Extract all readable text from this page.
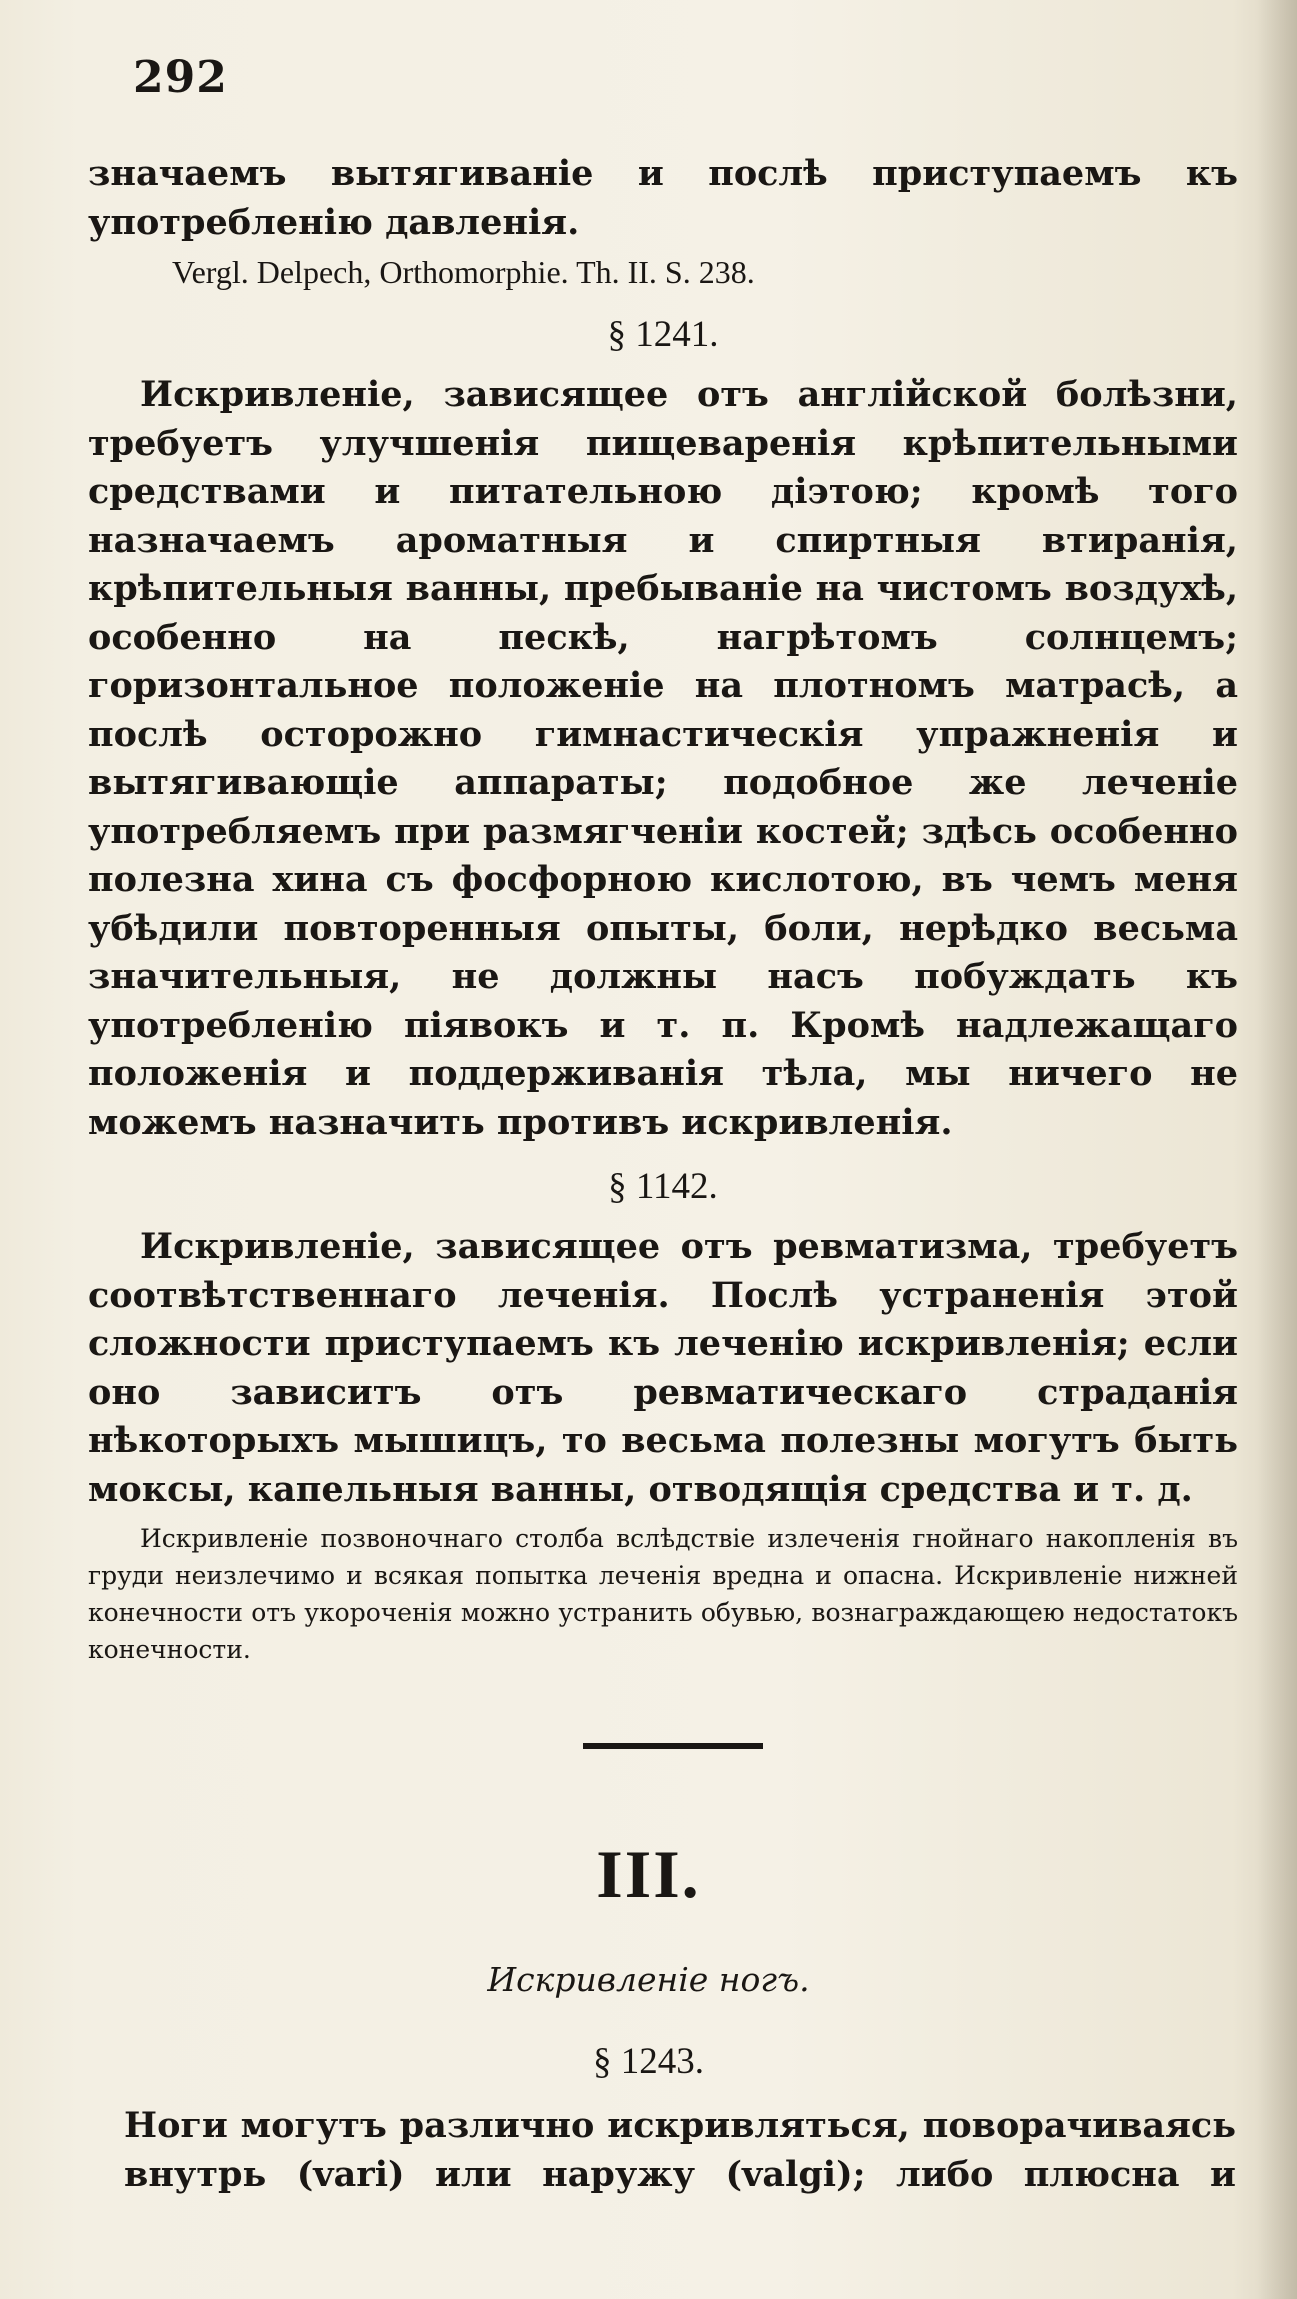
292

значаемъ вытягиваніе и послѣ приступаемъ къ употребленію давленія.

Vergl. Delpech, Orthomorphie. Th. II. S. 238.
§ 1241.

Искривленіе, зависящее отъ англійской болѣзни, требуетъ улучшенія пищеваренія крѣпительными средствами и питательною діэтою; кромѣ того назначаемъ ароматныя и спиртныя втиранія, крѣпительныя ванны, пребываніе на чистомъ воздухѣ, особенно на пескѣ, нагрѣтомъ солнцемъ; горизонтальное положеніе на плотномъ матрасѣ, а послѣ осторожно гимнастическія упражненія и вытягивающіе аппараты; подобное же леченіе употребляемъ при размягченіи костей; здѣсь особенно полезна хина съ фосфорною кислотою, въ чемъ меня убѣдили повторенныя опыты, боли, нерѣдко весьма значительныя, не должны насъ побуждать къ употребленію піявокъ и т. п. Кромѣ надлежащаго положенія и поддерживанія тѣла, мы ничего не можемъ назначить противъ искривленія.

§ 1142.

Искривленіе, зависящее отъ ревматизма, требуетъ соотвѣтственнаго леченія. Послѣ устраненія этой сложности приступаемъ къ леченію искривленія; если оно зависитъ отъ ревматическаго страданія нѣкоторыхъ мышицъ, то весьма полезны могутъ быть моксы, капельныя ванны, отводящія средства и т. д.

Искривленіе позвоночнаго столба вслѣдствіе излеченія гнойнаго накопленія въ груди неизлечимо и всякая попытка леченія вредна и опасна. Искривленіе нижней конечности отъ укороченія можно устранить обувью, вознаграждающею недостатокъ конечности.

III.
Искривленіе ногъ.
§ 1243.

Ноги могутъ различно искривляться, поворачиваясь внутрь (vari) или наружу (valgi); либо плюсна и
